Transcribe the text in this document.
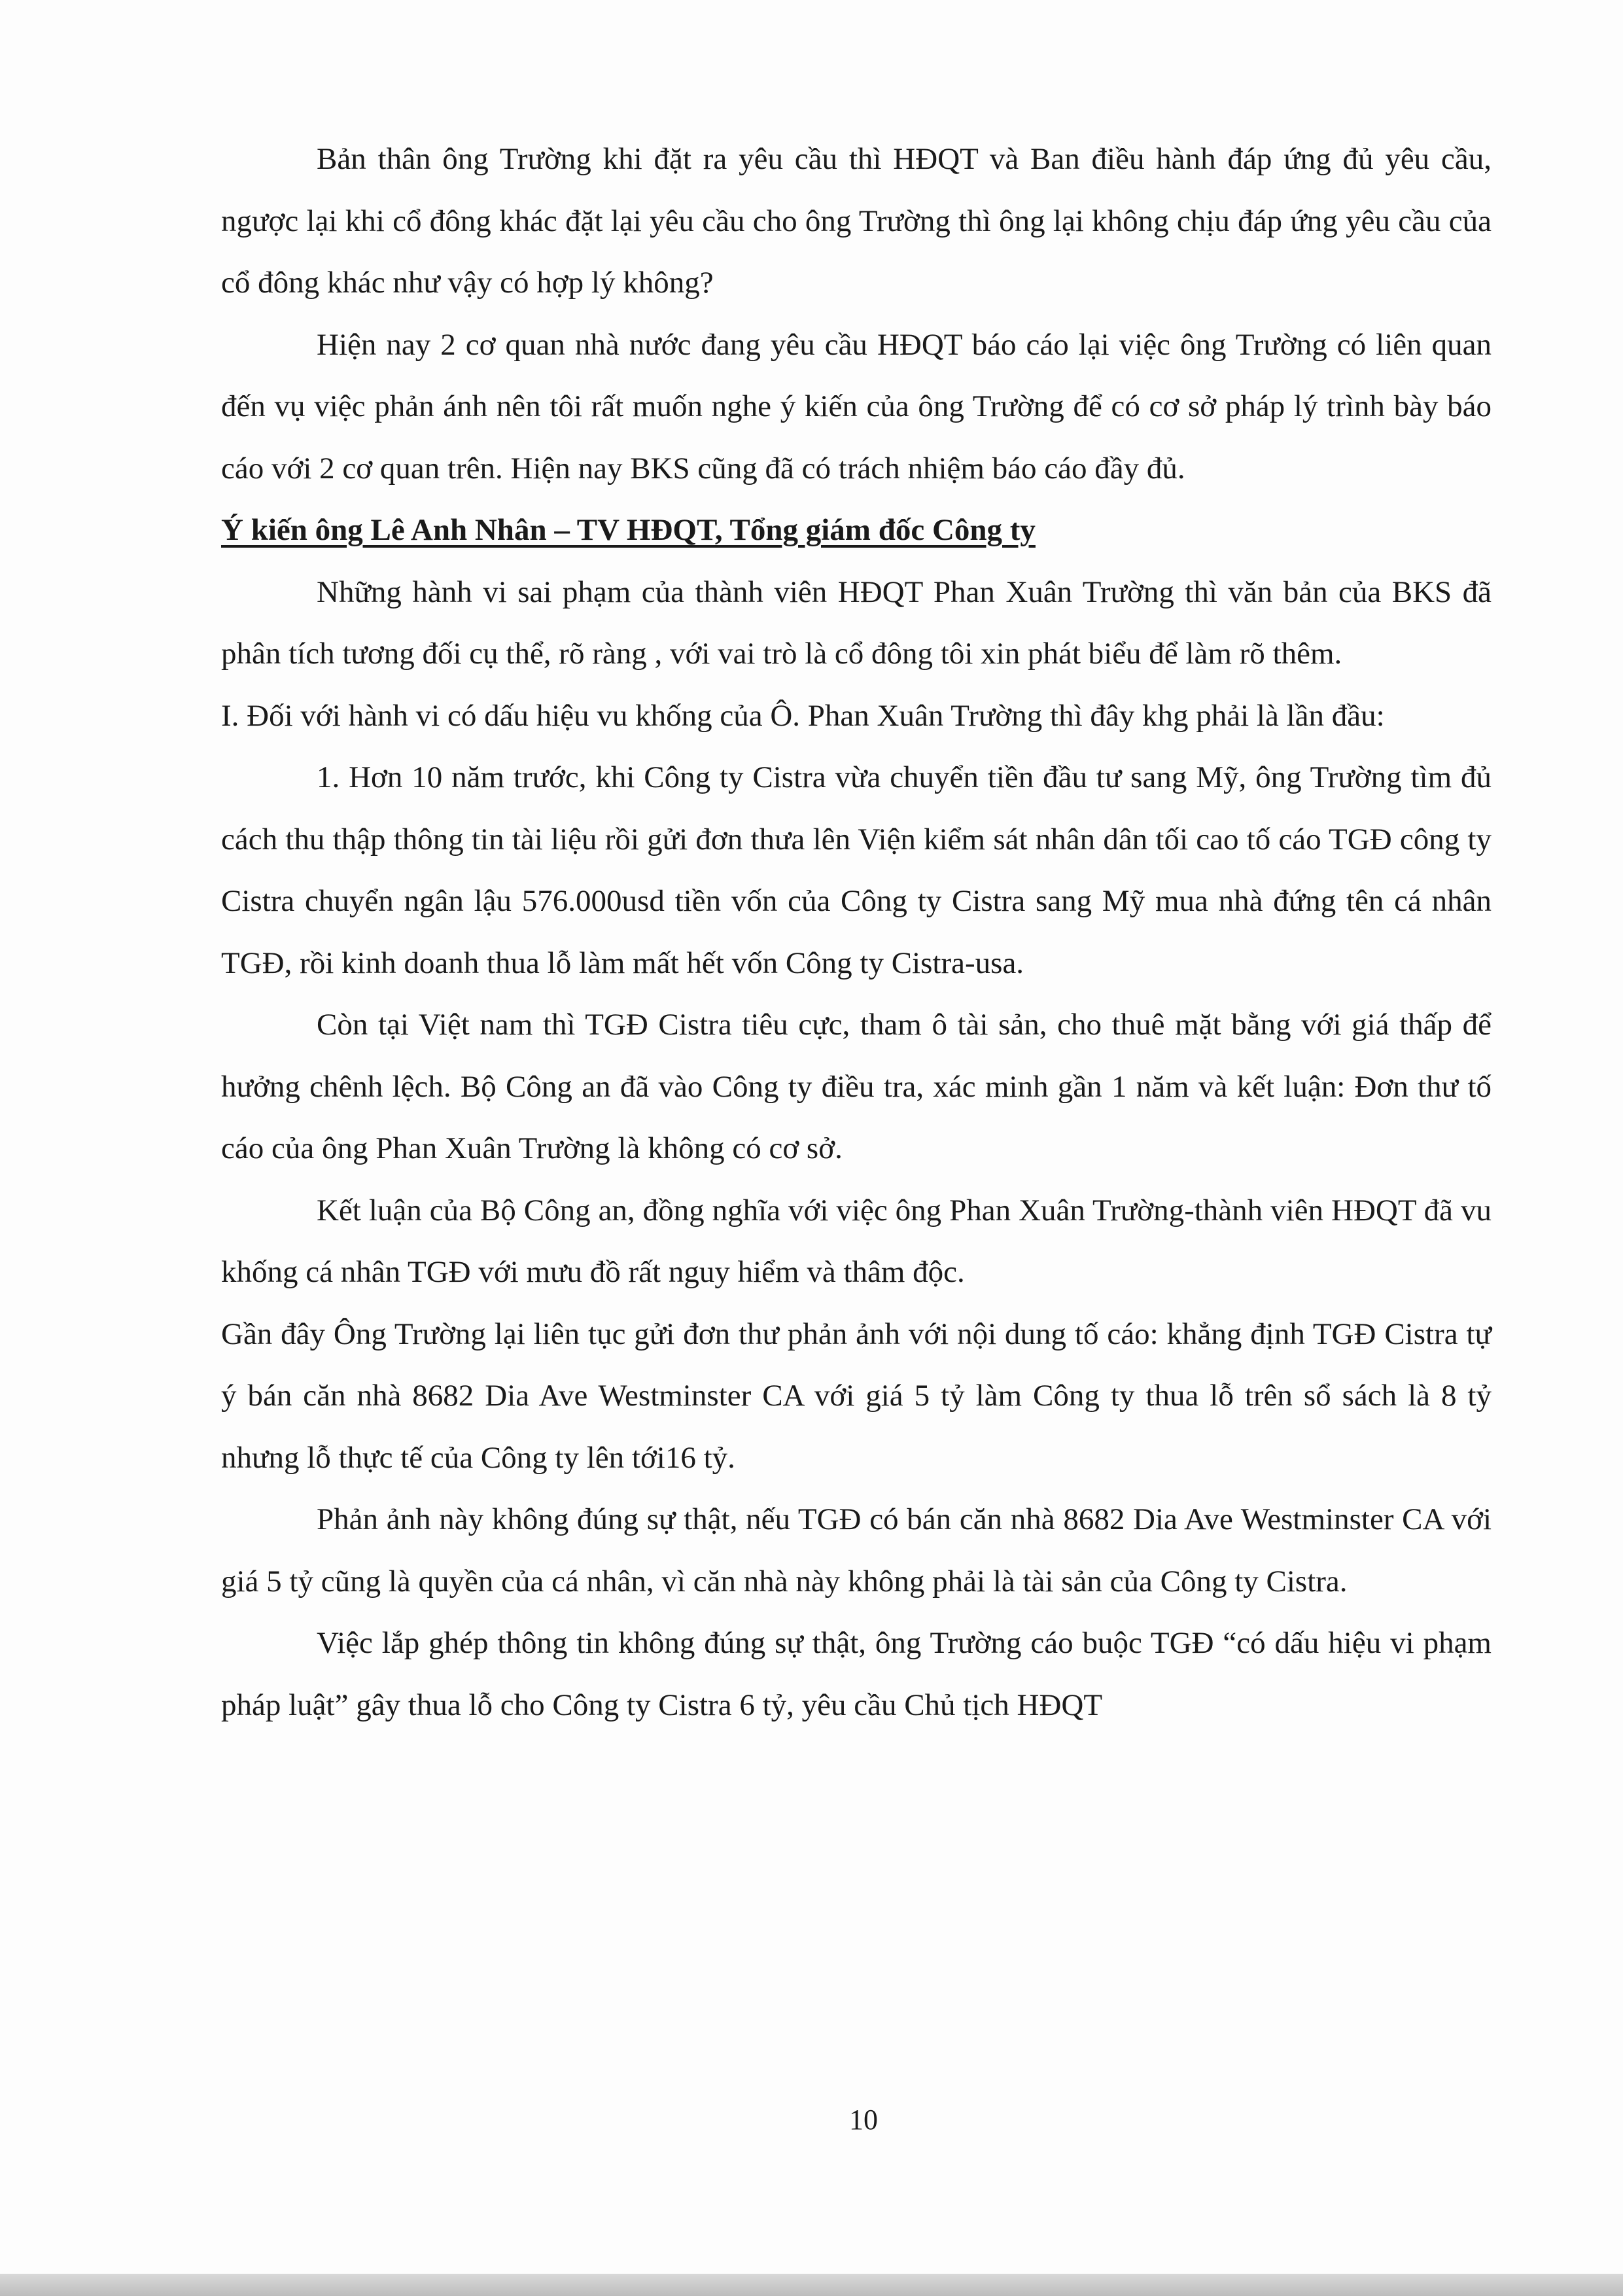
Bản thân ông Trường khi đặt ra yêu cầu thì HĐQT và Ban điều hành đáp ứng đủ yêu cầu, ngược lại khi cổ đông khác đặt lại yêu cầu cho ông Trường thì ông lại không chịu đáp ứng yêu cầu của cổ đông khác như vậy có hợp lý không?

Hiện nay 2 cơ quan nhà nước đang yêu cầu HĐQT báo cáo lại việc ông Trường có liên quan đến vụ việc phản ánh nên tôi rất muốn nghe ý kiến của ông Trường để có cơ sở pháp lý trình bày báo cáo với 2 cơ quan trên. Hiện nay BKS cũng đã có trách nhiệm báo cáo đầy đủ.

Ý kiến ông Lê Anh Nhân – TV HĐQT, Tổng giám đốc Công ty

Những hành vi sai phạm của thành viên HĐQT Phan Xuân Trường thì văn bản của BKS đã phân tích tương đối cụ thể, rõ ràng , với vai trò là cổ đông tôi xin phát biểu để làm rõ thêm.

I. Đối với hành vi có dấu hiệu vu khống của Ô. Phan Xuân Trường thì đây khg phải là lần đầu:

1. Hơn 10 năm trước, khi Công ty Cistra vừa chuyển tiền đầu tư sang Mỹ, ông Trường tìm đủ cách thu thập thông tin tài liệu rồi gửi đơn thưa lên Viện kiểm sát nhân dân tối cao tố cáo TGĐ công ty Cistra chuyển ngân lậu 576.000usd tiền vốn của Công ty Cistra sang Mỹ mua nhà đứng tên cá nhân TGĐ, rồi kinh doanh thua lỗ làm mất hết vốn Công ty Cistra-usa.

Còn tại Việt nam thì TGĐ Cistra tiêu cực, tham ô tài sản, cho thuê mặt bằng với giá thấp để hưởng chênh lệch. Bộ Công an đã vào Công ty điều tra, xác minh gần 1 năm và kết luận: Đơn thư tố cáo của ông Phan Xuân Trường là không có cơ sở.

Kết luận của Bộ Công an, đồng nghĩa với việc ông Phan Xuân Trường-thành viên HĐQT đã vu khống cá nhân TGĐ với mưu đồ rất nguy hiểm và thâm độc.

Gần đây Ông Trường lại liên tục gửi đơn thư phản ảnh với nội dung tố cáo: khẳng định TGĐ Cistra tự ý bán căn nhà 8682 Dia Ave Westminster CA với giá 5 tỷ làm Công ty thua lỗ trên sổ sách là 8 tỷ nhưng lỗ thực tế của Công ty lên tới16 tỷ.

Phản ảnh này không đúng sự thật, nếu TGĐ có bán căn nhà 8682 Dia Ave Westminster CA với giá 5 tỷ cũng là quyền của cá nhân, vì căn nhà này không phải là tài sản của Công ty Cistra.

Việc lắp ghép thông tin không đúng sự thật, ông Trường cáo buộc TGĐ “có dấu hiệu vi phạm pháp luật” gây thua lỗ cho Công ty Cistra 6 tỷ, yêu cầu Chủ tịch HĐQT

10
